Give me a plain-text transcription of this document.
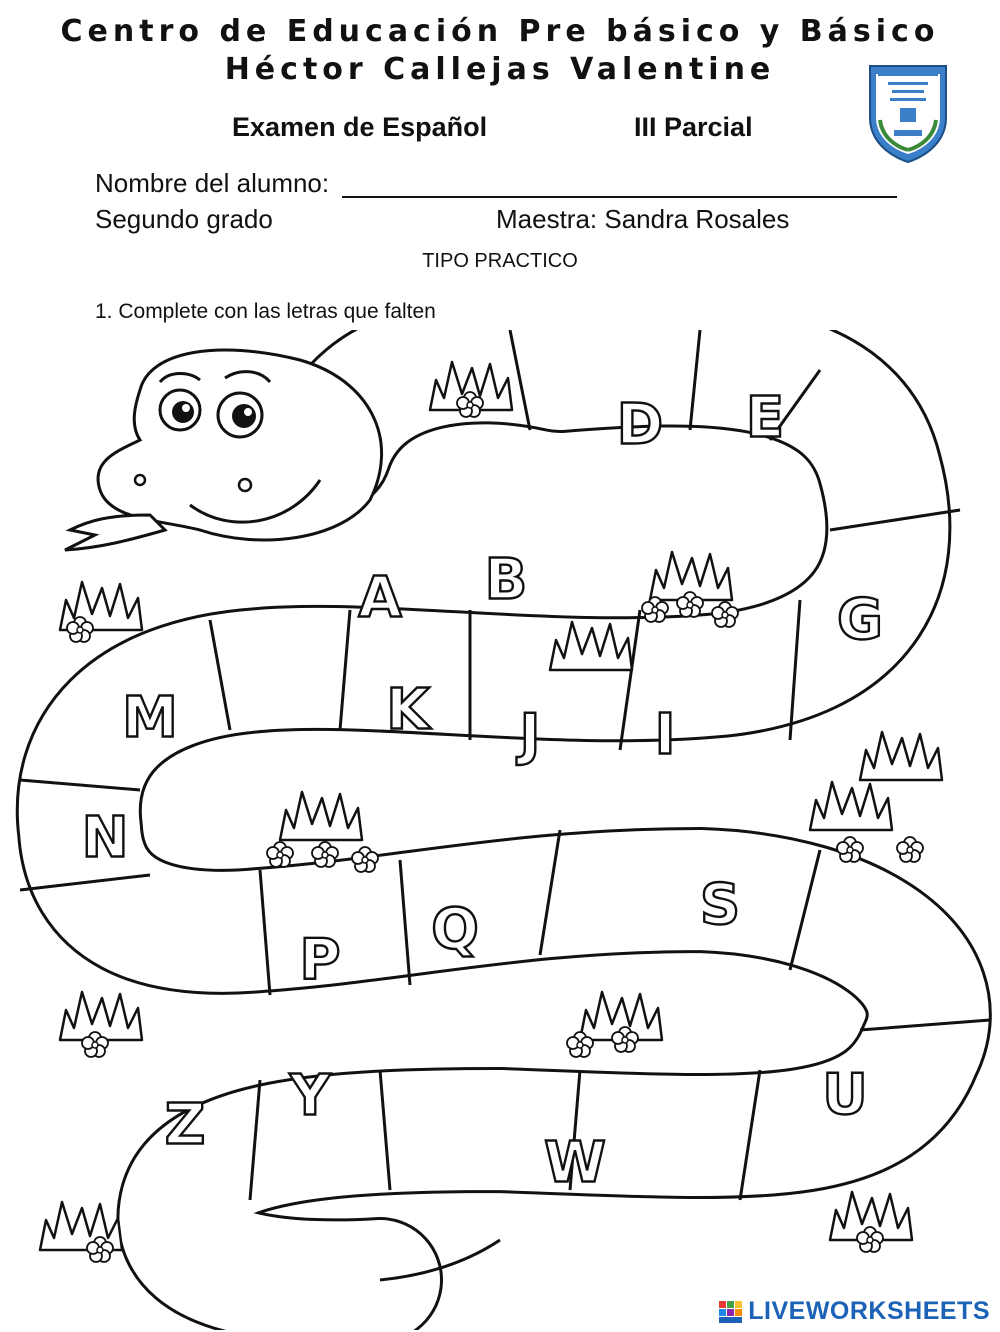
Centro de Educación Pre básico y Básico
Héctor Callejas Valentine
Examen de Español	III Parcial
Nombre del alumno:
Segundo grado	Maestra: Sandra Rosales
TIPO PRACTICO
1. Complete con las letras que falten
D E
A B
G
M	K J I
N
Q
P
S
Y
Z
W
U
LIVEWORKSHEETS
